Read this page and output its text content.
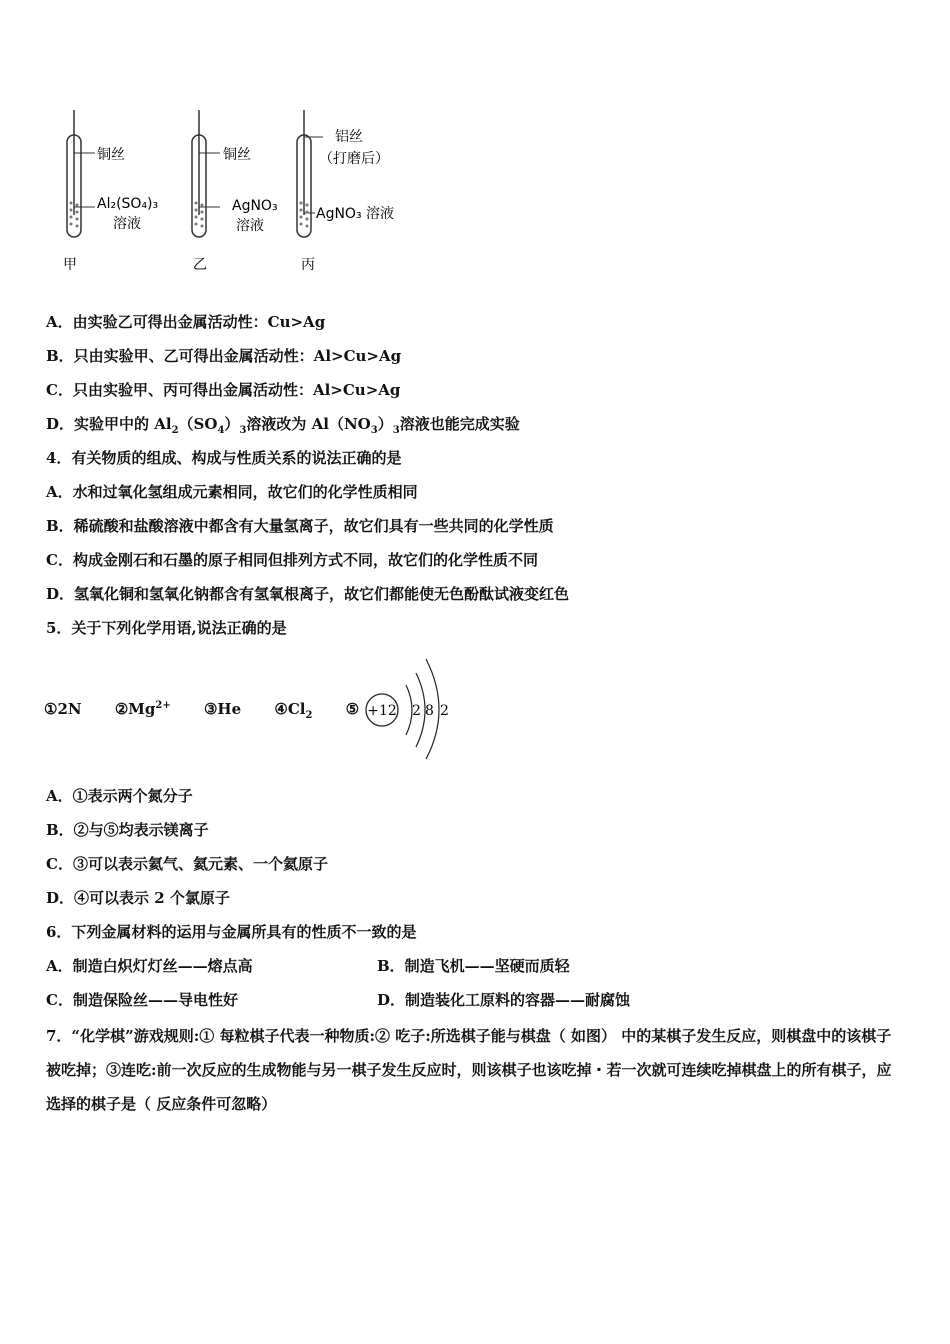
铜丝
Al₂(SO₄)₃
溶液
甲
铜丝
AgNO₃
溶液
乙
铝丝
（打磨后）
AgNO₃ 溶液
丙
A．由实验乙可得出金属活动性：Cu>Ag
B．只由实验甲、乙可得出金属活动性：Al>Cu>Ag
C．只由实验甲、丙可得出金属活动性：Al>Cu>Ag
D．实验甲中的 $Al_2(SO_4)_3$溶液改为 $Al(NO_3)_3$溶液也能完成实验
4．有关物质的组成、构成与性质关系的说法正确的是
A．水和过氧化氢组成元素相同，故它们的化学性质相同
B．稀硫酸和盐酸溶液中都含有大量氢离子，故它们具有一些共同的化学性质
C．构成金刚石和石墨的原子相同但排列方式不同，故它们的化学性质不同
D．氢氧化铜和氢氧化钠都含有氢氧根离子，故它们都能使无色酚酞试液变红色
5．关于下列化学用语,说法正确的是
①2N $②Mg^{2+}$ ③He $④Cl_2$ ⑤ +12 2 8 2
A．①表示两个氮分子
B．②与⑤均表示镁离子
C．③可以表示氦气、氦元素、一个氦原子
D．④可以表示 2 个氯原子
6．下列金属材料的运用与金属所具有的性质不一致的是
A．制造白炽灯灯丝——熔点高	B．制造飞机——坚硬而质轻
C．制造保险丝——导电性好	D．制造装化工原料的容器——耐腐蚀
7．“化学棋”游戏规则:① 每粒棋子代表一种物质:② 吃子:所选棋子能与棋盘（ 如图） 中的某棋子发生反应，则棋盘中的该棋子被吃掉；③连吃:前一次反应的生成物能与另一棋子发生反应时，则该棋子也该吃掉・若一次就可连续吃掉棋盘上的所有棋子，应选择的棋子是（ 反应条件可忽略）
